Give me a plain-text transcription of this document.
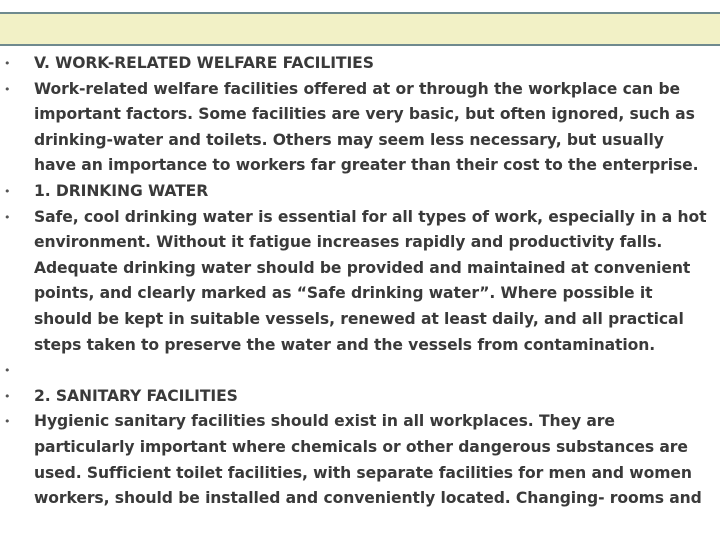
• V. WORK-RELATED WELFARE FACILITIES
• Work-related welfare facilities offered at or through the workplace can be important factors. Some facilities are very basic, but often ignored, such as drinking-water and toilets. Others may seem less necessary, but usually have an importance to workers far greater than their cost to the enterprise.
• 1. DRINKING WATER
• Safe, cool drinking water is essential for all types of work, especially in a hot environment. Without it fatigue increases rapidly and productivity falls. Adequate drinking water should be provided and maintained at convenient points, and clearly marked as “Safe drinking water”. Where possible it should be kept in suitable vessels, renewed at least daily, and all practical steps taken to preserve the water and the vessels from contamination.
•
• 2. SANITARY FACILITIES
• Hygienic sanitary facilities should exist in all workplaces. They are particularly important where chemicals or other dangerous substances are used. Sufficient toilet facilities, with separate facilities for men and women workers, should be installed and conveniently located. Changing- rooms and
